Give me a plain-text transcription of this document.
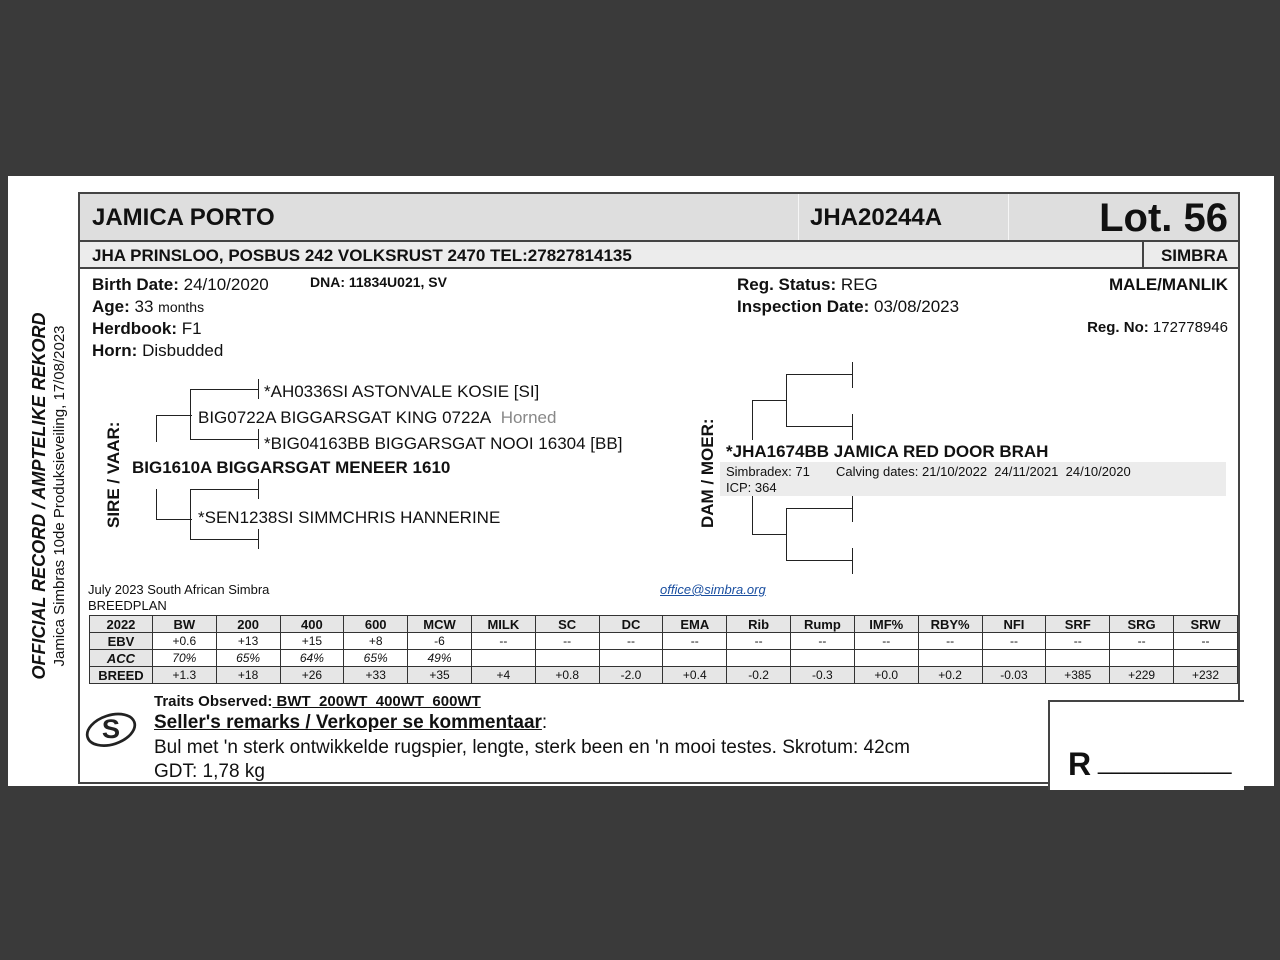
OFFICIAL RECORD / AMPTELIKE REKORD Jamica Simbras 10de Produksieveiling, 17/08/2023
JAMICA PORTO	JHA20244A	Lot. 56
JHA PRINSLOO, POSBUS 242 VOLKSRUST 2470 TEL:27827814135	SIMBRA
Birth Date: 24/10/2020	DNA: 11834U021, SV
Age: 33 months
Herdbook: F1
Horn: Disbudded
Reg. Status: REG
Inspection Date: 03/08/2023
MALE/MANLIK
Reg. No: 172778946
SIRE / VAAR:
*AH0336SI ASTONVALE KOSIE [SI]
BIG0722A BIGGARSGAT KING 0722A Horned
*BIG04163BB BIGGARSGAT NOOI 16304 [BB]
BIG1610A BIGGARSGAT MENEER 1610
*SEN1238SI SIMMCHRIS HANNERINE	DAM / MOER: *JHA1674BB JAMICA RED DOOR BRAH
Simbradex: 71 Calving dates: 21/10/2022  24/11/2021  24/10/2020
ICP: 364
July 2023 South African Simbra
BREEDPLAN
office@simbra.org
2022	BW	200	400	600	MCW	MILK	SC	DC	EMA	Rib	Rump	IMF%	RBY%	NFI	SRF	SRG	SRW
EBV	+0.6	+13	+15	+8	-6	--	--	--	--	--	--	--	--	--	--	--	--
ACC	70%	65%	64%	65%	49%												
BREED	+1.3	+18	+26	+33	+35	+4	+0.8	-2.0	+0.4	-0.2	-0.3	+0.0	+0.2	-0.03	+385	+229	+232
S
Traits Observed: BWT  200WT  400WT  600WT
Seller's remarks / Verkoper se kommentaar:
Bul met 'n sterk ontwikkelde rugspier, lengte, sterk been en 'n mooi testes. Skrotum: 42cm
GDT: 1,78 kg	R __________
